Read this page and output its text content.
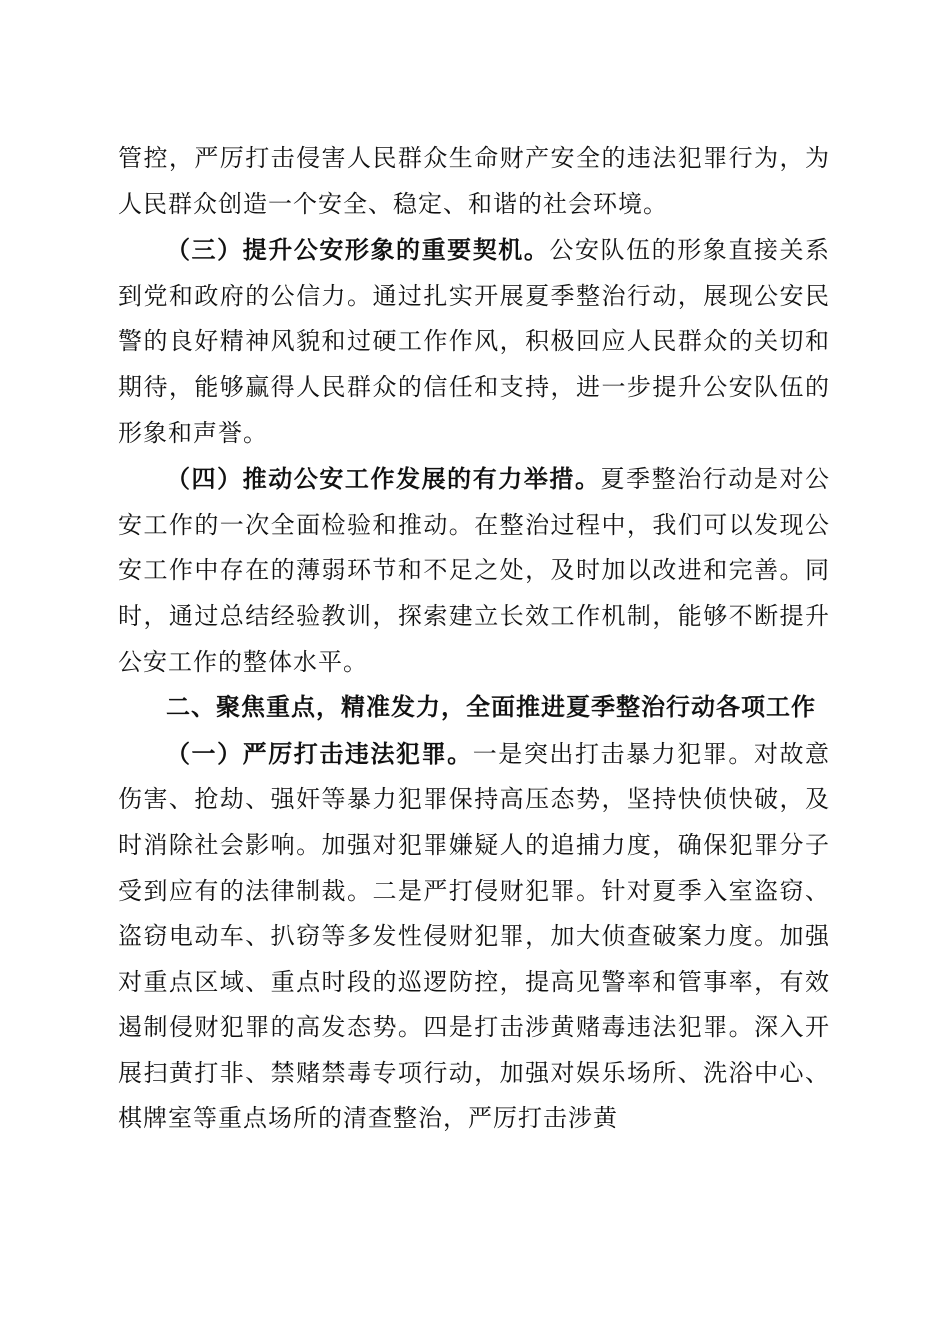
管控，严厉打击侵害人民群众生命财产安全的违法犯罪行为，为人民群众创造一个安全、稳定、和谐的社会环境。

（三）提升公安形象的重要契机。公安队伍的形象直接关系到党和政府的公信力。通过扎实开展夏季整治行动，展现公安民警的良好精神风貌和过硬工作作风，积极回应人民群众的关切和期待，能够赢得人民群众的信任和支持，进一步提升公安队伍的形象和声誉。

（四）推动公安工作发展的有力举措。夏季整治行动是对公安工作的一次全面检验和推动。在整治过程中，我们可以发现公安工作中存在的薄弱环节和不足之处，及时加以改进和完善。同时，通过总结经验教训，探索建立长效工作机制，能够不断提升公安工作的整体水平。

二、聚焦重点，精准发力，全面推进夏季整治行动各项工作

（一）严厉打击违法犯罪。一是突出打击暴力犯罪。对故意伤害、抢劫、强奸等暴力犯罪保持高压态势，坚持快侦快破，及时消除社会影响。加强对犯罪嫌疑人的追捕力度，确保犯罪分子受到应有的法律制裁。二是严打侵财犯罪。针对夏季入室盗窃、盗窃电动车、扒窃等多发性侵财犯罪，加大侦查破案力度。加强对重点区域、重点时段的巡逻防控，提高见警率和管事率，有效遏制侵财犯罪的高发态势。四是打击涉黄赌毒违法犯罪。深入开展扫黄打非、禁赌禁毒专项行动，加强对娱乐场所、洗浴中心、棋牌室等重点场所的清查整治，严厉打击涉黄
